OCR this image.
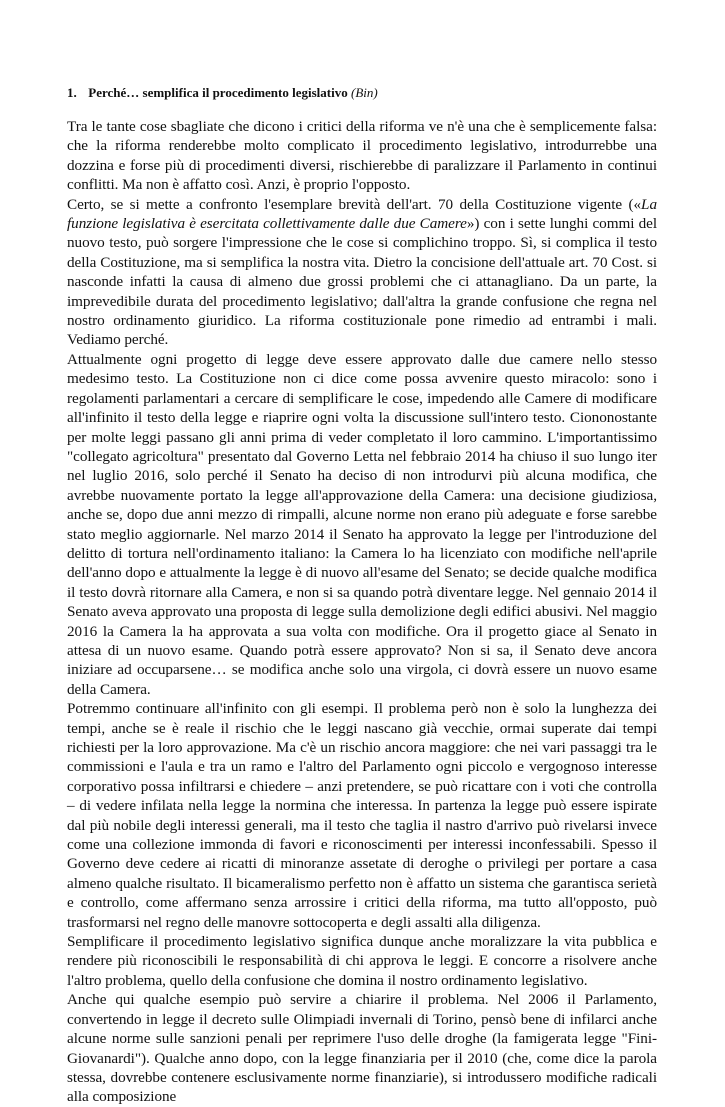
1. Perché… semplifica il procedimento legislativo (Bin)

Tra le tante cose sbagliate che dicono i critici della riforma ve n'è una che è semplicemente falsa: che la riforma renderebbe molto complicato il procedimento legislativo, introdurrebbe una dozzina e forse più di procedimenti diversi, rischierebbe di paralizzare il Parlamento in continui conflitti. Ma non è affatto così. Anzi, è proprio l'opposto.

Certo, se si mette a confronto l'esemplare brevità dell'art. 70 della Costituzione vigente («La funzione legislativa è esercitata collettivamente dalle due Camere») con i sette lunghi commi del nuovo testo, può sorgere l'impressione che le cose si complichino troppo. Sì, si complica il testo della Costituzione, ma si semplifica la nostra vita. Dietro la concisione dell'attuale art. 70 Cost. si nasconde infatti la causa di almeno due grossi problemi che ci attanagliano. Da un parte, la imprevedibile durata del procedimento legislativo; dall'altra la grande confusione che regna nel nostro ordinamento giuridico. La riforma costituzionale pone rimedio ad entrambi i mali. Vediamo perché.

Attualmente ogni progetto di legge deve essere approvato dalle due camere nello stesso medesimo testo. La Costituzione non ci dice come possa avvenire questo miracolo: sono i regolamenti parlamentari a cercare di semplificare le cose, impedendo alle Camere di modificare all'infinito il testo della legge e riaprire ogni volta la discussione sull'intero testo. Ciononostante per molte leggi passano gli anni prima di veder completato il loro cammino. L'importantissimo "collegato agricoltura" presentato dal Governo Letta nel febbraio 2014 ha chiuso il suo lungo iter nel luglio 2016, solo perché il Senato ha deciso di non introdurvi più alcuna modifica, che avrebbe nuovamente portato la legge all'approvazione della Camera: una decisione giudiziosa, anche se, dopo due anni mezzo di rimpalli, alcune norme non erano più adeguate e forse sarebbe stato meglio aggiornarle. Nel marzo 2014 il Senato ha approvato la legge per l'introduzione del delitto di tortura nell'ordinamento italiano: la Camera lo ha licenziato con modifiche nell'aprile dell'anno dopo e attualmente la legge è di nuovo all'esame del Senato; se decide qualche modifica il testo dovrà ritornare alla Camera, e non si sa quando potrà diventare legge. Nel gennaio 2014 il Senato aveva approvato una proposta di legge sulla demolizione degli edifici abusivi. Nel maggio 2016 la Camera la ha approvata a sua volta con modifiche. Ora il progetto giace al Senato in attesa di un nuovo esame. Quando potrà essere approvato? Non si sa, il Senato deve ancora iniziare ad occuparsene… se modifica anche solo una virgola, ci dovrà essere un nuovo esame della Camera.

Potremmo continuare all'infinito con gli esempi. Il problema però non è solo la lunghezza dei tempi, anche se è reale il rischio che le leggi nascano già vecchie, ormai superate dai tempi richiesti per la loro approvazione. Ma c'è un rischio ancora maggiore: che nei vari passaggi tra le commissioni e l'aula e tra un ramo e l'altro del Parlamento ogni piccolo e vergognoso interesse corporativo possa infiltrarsi e chiedere – anzi pretendere, se può ricattare con i voti che controlla – di vedere infilata nella legge la normina che interessa. In partenza la legge può essere ispirate dal più nobile degli interessi generali, ma il testo che taglia il nastro d'arrivo può rivelarsi invece come una collezione immonda di favori e riconoscimenti per interessi inconfessabili. Spesso il Governo deve cedere ai ricatti di minoranze assetate di deroghe o privilegi per portare a casa almeno qualche risultato. Il bicameralismo perfetto non è affatto un sistema che garantisca serietà e controllo, come affermano senza arrossire i critici della riforma, ma tutto all'opposto, può trasformarsi nel regno delle manovre sottocoperta e degli assalti alla diligenza.

Semplificare il procedimento legislativo significa dunque anche moralizzare la vita pubblica e rendere più riconoscibili le responsabilità di chi approva le leggi. E concorre a risolvere anche l'altro problema, quello della confusione che domina il nostro ordinamento legislativo.

Anche qui qualche esempio può servire a chiarire il problema. Nel 2006 il Parlamento, convertendo in legge il decreto sulle Olimpiadi invernali di Torino, pensò bene di infilarci anche alcune norme sulle sanzioni penali per reprimere l'uso delle droghe (la famigerata legge "Fini-Giovanardi"). Qualche anno dopo, con la legge finanziaria per il 2010 (che, come dice la parola stessa, dovrebbe contenere esclusivamente norme finanziarie), si introdussero modifiche radicali alla composizione
